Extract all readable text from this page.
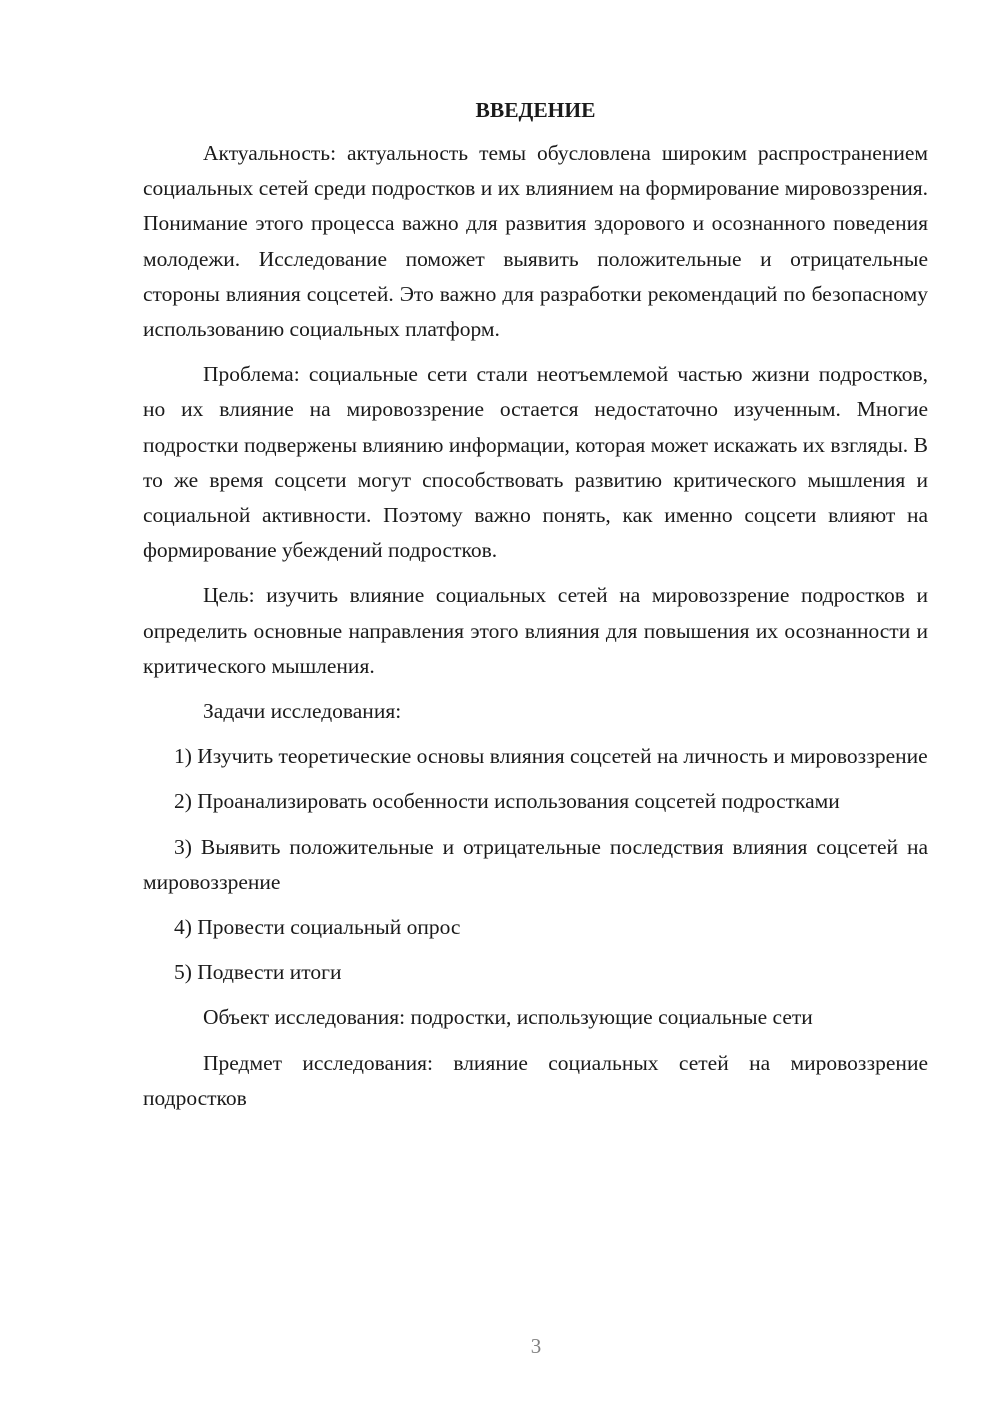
ВВЕДЕНИЕ

Актуальность: актуальность темы обусловлена широким распространением социальных сетей среди подростков и их влиянием на формирование мировоззрения. Понимание этого процесса важно для развития здорового и осознанного поведения молодежи. Исследование поможет выявить положительные и отрицательные стороны влияния соцсетей. Это важно для разработки рекомендаций по безопасному использованию социальных платформ.

Проблема: социальные сети стали неотъемлемой частью жизни подростков, но их влияние на мировоззрение остается недостаточно изученным. Многие подростки подвержены влиянию информации, которая может искажать их взгляды. В то же время соцсети могут способствовать развитию критического мышления и социальной активности. Поэтому важно понять, как именно соцсети влияют на формирование убеждений подростков.

Цель: изучить влияние социальных сетей на мировоззрение подростков и определить основные направления этого влияния для повышения их осознанности и критического мышления.

Задачи исследования:

1) Изучить теоретические основы влияния соцсетей на личность и мировоззрение

2) Проанализировать особенности использования соцсетей подростками

3) Выявить положительные и отрицательные последствия влияния соцсетей на мировоззрение

4) Провести социальный опрос

5) Подвести итоги

Объект исследования: подростки, использующие социальные сети

Предмет исследования: влияние социальных сетей на мировоззрение подростков

3
